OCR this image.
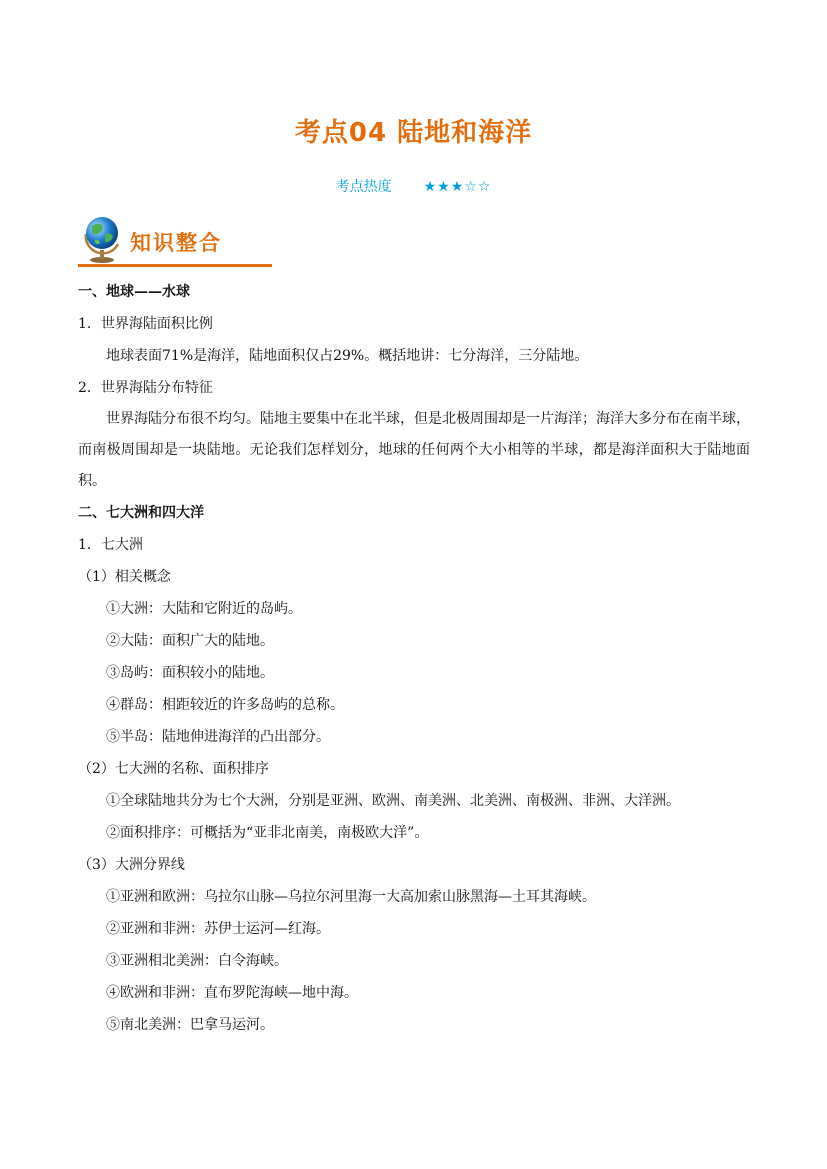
考点04 陆地和海洋
考点热度 ★★★☆☆
知识整合

一、地球——水球

1．世界海陆面积比例

地球表面71%是海洋，陆地面积仅占29%。概括地讲：七分海洋，三分陆地。

2．世界海陆分布特征

世界海陆分布很不均匀。陆地主要集中在北半球，但是北极周围却是一片海洋；海洋大多分布在南半球，而南极周围却是一块陆地。无论我们怎样划分，地球的任何两个大小相等的半球，都是海洋面积大于陆地面积。

二、七大洲和四大洋

1．七大洲

（1）相关概念

①大洲：大陆和它附近的岛屿。

②大陆：面积广大的陆地。

③岛屿：面积较小的陆地。

④群岛：相距较近的许多岛屿的总称。

⑤半岛：陆地伸进海洋的凸出部分。

（2）七大洲的名称、面积排序

①全球陆地共分为七个大洲，分别是亚洲、欧洲、南美洲、北美洲、南极洲、非洲、大洋洲。

②面积排序：可概括为“亚非北南美，南极欧大洋”。

（3）大洲分界线

①亚洲和欧洲：乌拉尔山脉—乌拉尔河里海一大高加索山脉黑海—土耳其海峡。

②亚洲和非洲：苏伊士运河—红海。

③亚洲相北美洲：白令海峡。

④欧洲和非洲：直布罗陀海峡—地中海。

⑤南北美洲：巴拿马运河。
